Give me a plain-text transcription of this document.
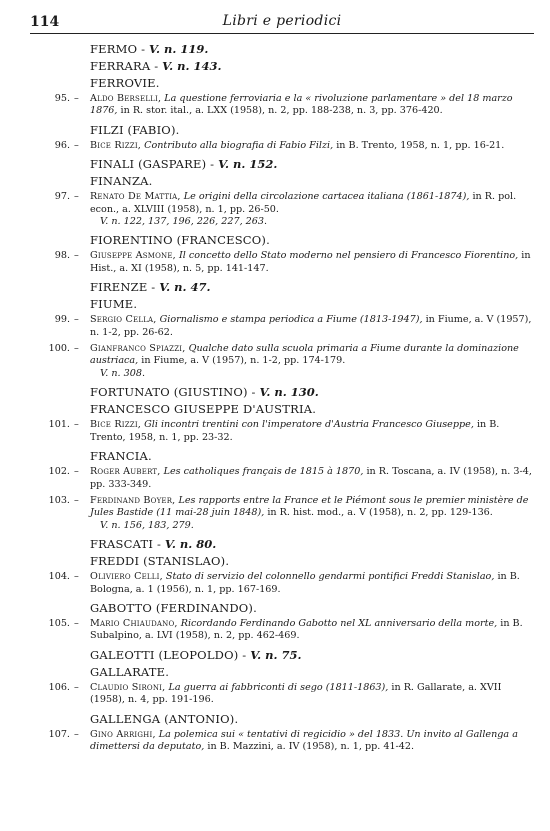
114	Libri e periodici
FERMO - V. n. 119.
FERRARA - V. n. 143.
FERROVIE.
95. – Aldo Berselli, La questione ferroviaria e la « rivoluzione parlamentare » del 18 marzo 1876, in R. stor. ital., a. LXX (1958), n. 2, pp. 188-238, n. 3, pp. 376-420.
FILZI (FABIO).
96. – Bice Rizzi, Contributo alla biografia di Fabio Filzi, in B. Trento, 1958, n. 1, pp. 16-21.
FINALI (GASPARE) - V. n. 152.
FINANZA.
97. – Renato De Mattia, Le origini della circolazione cartacea italiana (1861-1874), in R. pol. econ., a. XLVIII (1958), n. 1, pp. 26-50.
V. n. 122, 137, 196, 226, 227, 263.
FIORENTINO (FRANCESCO).
98. – Giuseppe Asmone, Il concetto dello Stato moderno nel pensiero di Francesco Fiorentino, in Hist., a. XI (1958), n. 5, pp. 141-147.
FIRENZE - V. n. 47.
FIUME.
99. – Sergio Cella, Giornalismo e stampa periodica a Fiume (1813-1947), in Fiume, a. V (1957), n. 1-2, pp. 26-62.
100. – Gianfranco Spiazzi, Qualche dato sulla scuola primaria a Fiume durante la dominazione austriaca, in Fiume, a. V (1957), n. 1-2, pp. 174-179.
V. n. 308.
FORTUNATO (GIUSTINO) - V. n. 130.
FRANCESCO GIUSEPPE D'AUSTRIA.
101. – Bice Rizzi, Gli incontri trentini con l'imperatore d'Austria Francesco Giuseppe, in B. Trento, 1958, n. 1, pp. 23-32.
FRANCIA.
102. – Roger Aubert, Les catholiques français de 1815 à 1870, in R. Toscana, a. IV (1958), n. 3-4, pp. 333-349.
103. – Ferdinand Boyer, Les rapports entre la France et le Piémont sous le premier ministère de Jules Bastide (11 mai-28 juin 1848), in R. hist. mod., a. V (1958), n. 2, pp. 129-136.
V. n. 156, 183, 279.
FRASCATI - V. n. 80.
FREDDI (STANISLAO).
104. – Oliviero Celli, Stato di servizio del colonnello gendarmi pontifici Freddi Stanislao, in B. Bologna, a. 1 (1956), n. 1, pp. 167-169.
GABOTTO (FERDINANDO).
105. – Mario Chiaudano, Ricordando Ferdinando Gabotto nel XL anniversario della morte, in B. Subalpino, a. LVI (1958), n. 2, pp. 462-469.
GALEOTTI (LEOPOLDO) - V. n. 75.
GALLARATE.
106. – Claudio Sironi, La guerra ai fabbriconti di sego (1811-1863), in R. Gallarate, a. XVII (1958), n. 4, pp. 191-196.
GALLENGA (ANTONIO).
107. – Gino Arrighi, La polemica sui « tentativi di regicidio » del 1833. Un invito al Gallenga a dimettersi da deputato, in B. Mazzini, a. IV (1958), n. 1, pp. 41-42.
